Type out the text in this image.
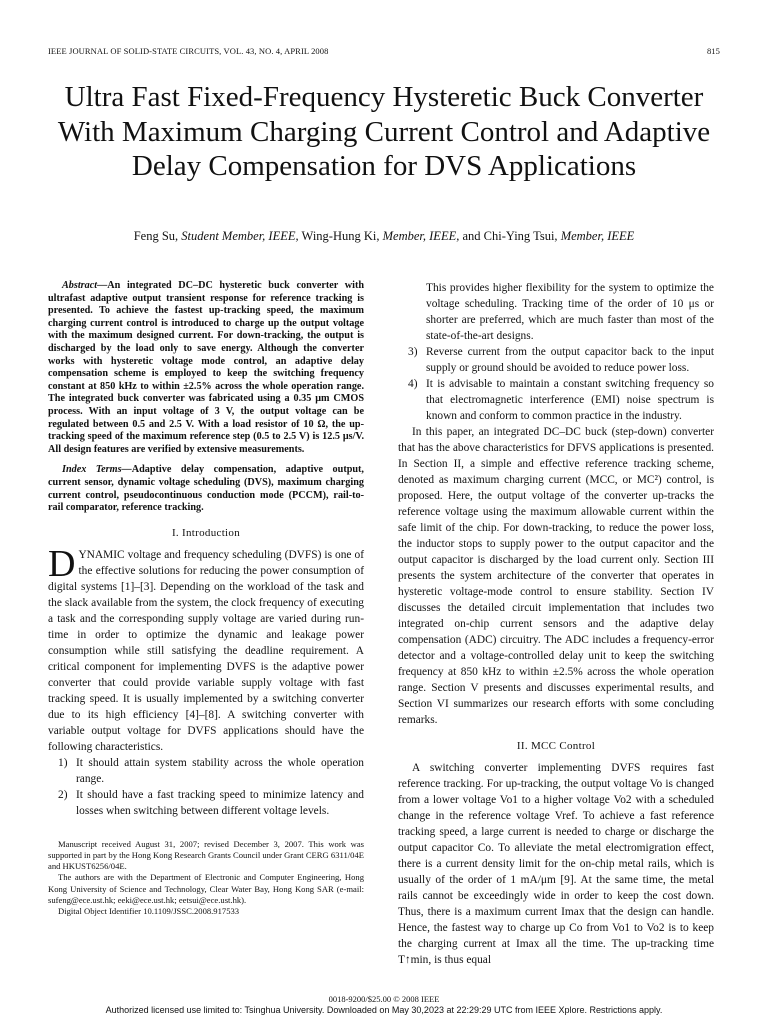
IEEE JOURNAL OF SOLID-STATE CIRCUITS, VOL. 43, NO. 4, APRIL 2008	815
Ultra Fast Fixed-Frequency Hysteretic Buck Converter With Maximum Charging Current Control and Adaptive Delay Compensation for DVS Applications
Feng Su, Student Member, IEEE, Wing-Hung Ki, Member, IEEE, and Chi-Ying Tsui, Member, IEEE

Abstract—An integrated DC–DC hysteretic buck converter with ultrafast adaptive output transient response for reference tracking is presented. To achieve the fastest up-tracking speed, the maximum charging current control is introduced to charge up the output voltage with the maximum designed current. For down-tracking, the output is discharged by the load only to save energy. Although the converter works with hysteretic voltage mode control, an adaptive delay compensation scheme is employed to keep the switching frequency constant at 850 kHz to within ±2.5% across the whole operation range. The integrated buck converter was fabricated using a 0.35 μm CMOS process. With an input voltage of 3 V, the output voltage can be regulated between 0.5 and 2.5 V. With a load resistor of 10 Ω, the up-tracking speed of the maximum reference step (0.5 to 2.5 V) is 12.5 μs/V. All design features are verified by extensive measurements.

Index Terms—Adaptive delay compensation, adaptive output, current sensor, dynamic voltage scheduling (DVS), maximum charging current control, pseudocontinuous conduction mode (PCCM), rail-to-rail comparator, reference tracking.

I. Introduction

DYNAMIC voltage and frequency scheduling (DVFS) is one of the effective solutions for reducing the power consumption of digital systems [1]–[3]. Depending on the workload of the task and the slack available from the system, the clock frequency of executing a task and the corresponding supply voltage are varied during run-time in order to optimize the dynamic and leakage power consumption while still satisfying the deadline requirement. A critical component for implementing DVFS is the adaptive power converter that could provide variable supply voltage with fast tracking speed. It is usually implemented by a switching converter due to its high efficiency [4]–[8]. A switching converter with variable output voltage for DVFS applications should have the following characteristics.

1) It should attain system stability across the whole operation range.
2) It should have a fast tracking speed to minimize latency and losses when switching between different voltage levels.

Manuscript received August 31, 2007; revised December 3, 2007. This work was supported in part by the Hong Kong Research Grants Council under Grant CERG 6311/04E and HKUST6256/04E.

The authors are with the Department of Electronic and Computer Engineering, Hong Kong University of Science and Technology, Clear Water Bay, Hong Kong SAR (e-mail: sufeng@ece.ust.hk; eeki@ece.ust.hk; eetsui@ece.ust.hk).

Digital Object Identifier 10.1109/JSSC.2008.917533

This provides higher flexibility for the system to optimize the voltage scheduling. Tracking time of the order of 10 μs or shorter are preferred, which are much faster than most of the state-of-the-art designs.

3) Reverse current from the output capacitor back to the input supply or ground should be avoided to reduce power loss.
4) It is advisable to maintain a constant switching frequency so that electromagnetic interference (EMI) noise spectrum is known and conform to common practice in the industry.

In this paper, an integrated DC–DC buck (step-down) converter that has the above characteristics for DFVS applications is presented. In Section II, a simple and effective reference tracking scheme, denoted as maximum charging current (MCC, or MC²) control, is proposed. Here, the output voltage of the converter up-tracks the reference voltage using the maximum allowable current within the safe limit of the chip. For down-tracking, to reduce the power loss, the inductor stops to supply power to the output capacitor and the output capacitor is discharged by the load current only. Section III presents the system architecture of the converter that operates in hysteretic voltage-mode control to ensure stability. Section IV discusses the detailed circuit implementation that includes two integrated on-chip current sensors and the adaptive delay compensation (ADC) circuitry. The ADC includes a frequency-error detector and a voltage-controlled delay unit to keep the switching frequency at 850 kHz to within ±2.5% across the whole operation range. Section V presents and discusses experimental results, and Section VI summarizes our research efforts with some concluding remarks.

II. MCC Control

A switching converter implementing DVFS requires fast reference tracking. For up-tracking, the output voltage Vo is changed from a lower voltage Vo1 to a higher voltage Vo2 with a scheduled change in the reference voltage Vref. To achieve a fast reference tracking speed, a large current is needed to charge or discharge the output capacitor Co. To alleviate the metal electromigration effect, there is a current density limit for the on-chip metal rails, which is usually of the order of 1 mA/μm [9]. At the same time, the metal rails cannot be exceedingly wide in order to keep the cost down. Thus, there is a maximum current Imax that the design can handle. Hence, the fastest way to charge up Co from Vo1 to Vo2 is to keep the charging current at Imax all the time. The up-tracking time T↑min, is thus equal

0018-9200/$25.00 © 2008 IEEE
Authorized licensed use limited to: Tsinghua University. Downloaded on May 30,2023 at 22:29:29 UTC from IEEE Xplore. Restrictions apply.
